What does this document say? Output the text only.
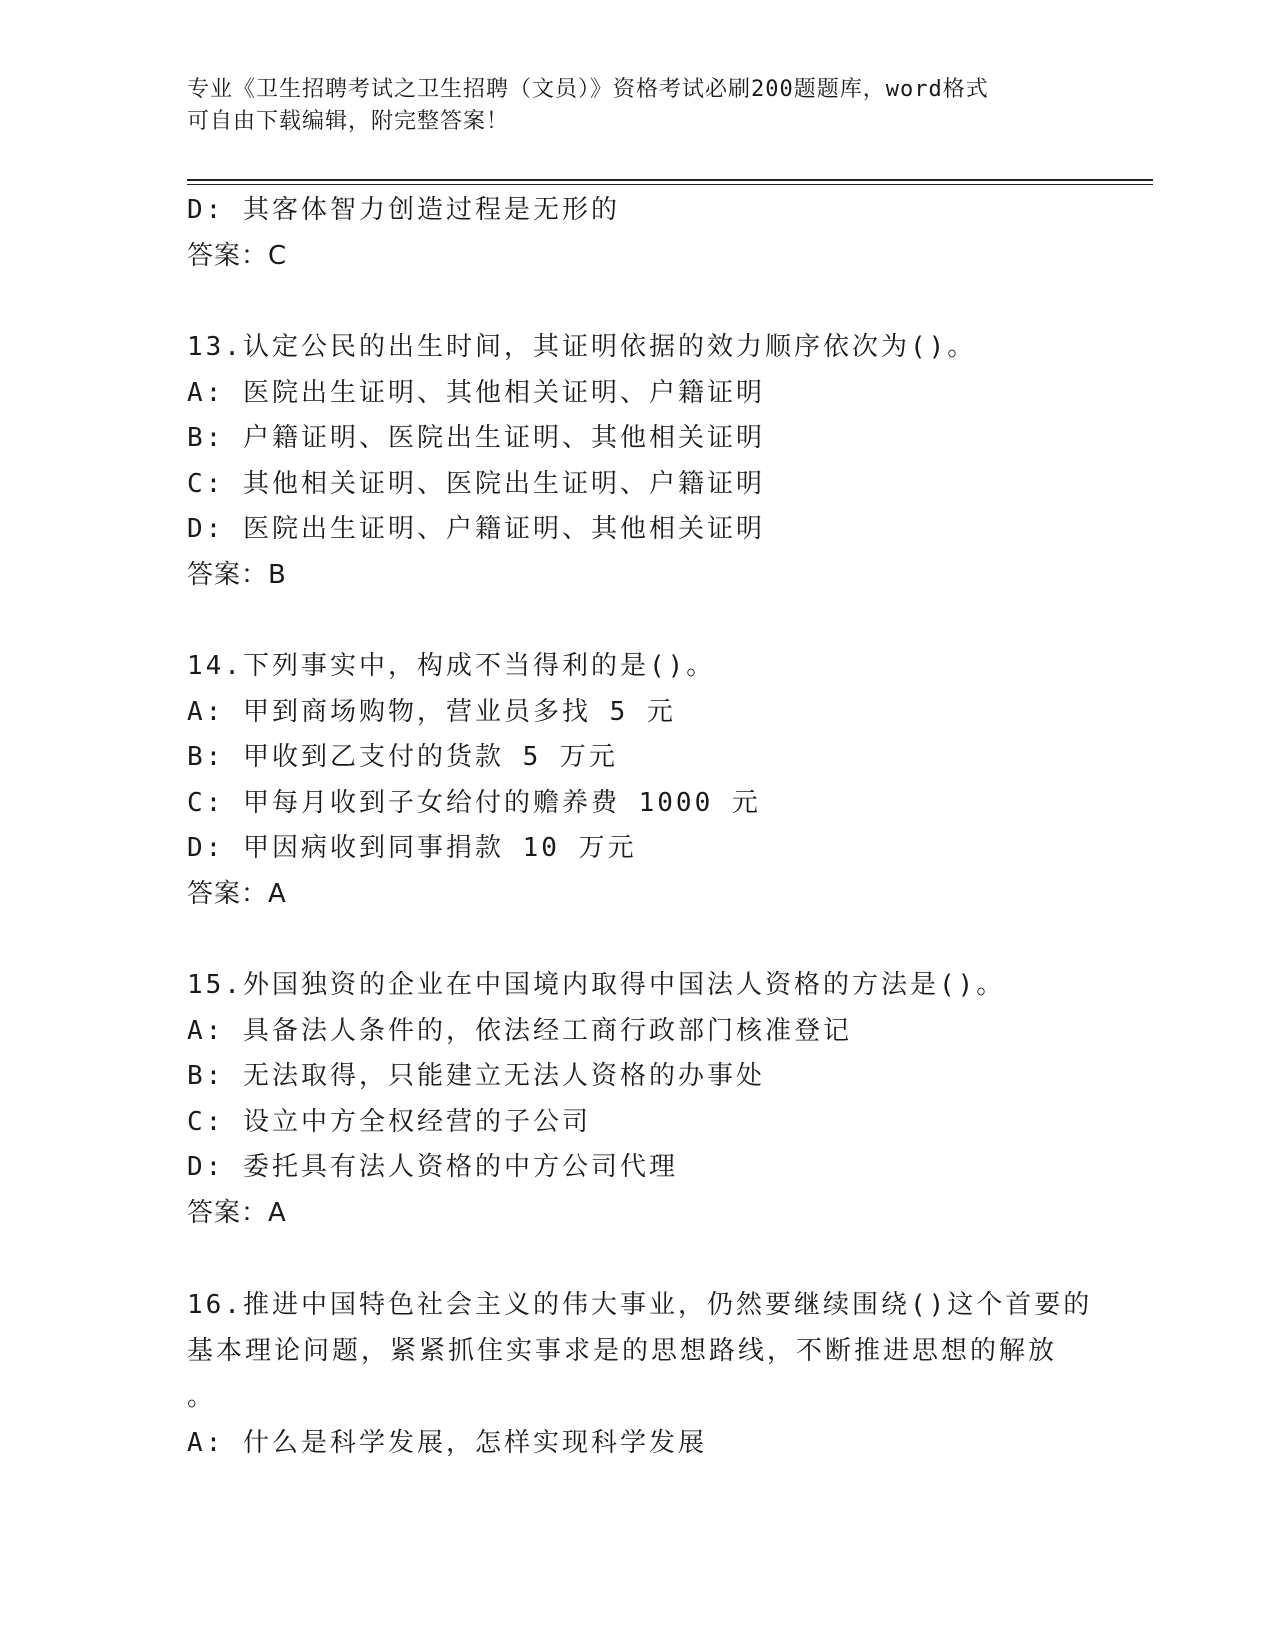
专业《卫生招聘考试之卫生招聘（文员）》资格考试必刷200题题库，word格式
可自由下载编辑，附完整答案！
D: 其客体智力创造过程是无形的
答案：C
13.认定公民的出生时间，其证明依据的效力顺序依次为()。
A: 医院出生证明、其他相关证明、户籍证明
B: 户籍证明、医院出生证明、其他相关证明
C: 其他相关证明、医院出生证明、户籍证明
D: 医院出生证明、户籍证明、其他相关证明
答案：B
14.下列事实中，构成不当得利的是()。
A: 甲到商场购物，营业员多找 5 元
B: 甲收到乙支付的货款 5 万元
C: 甲每月收到子女给付的赡养费 1000 元
D: 甲因病收到同事捐款 10 万元
答案：A
15.外国独资的企业在中国境内取得中国法人资格的方法是()。
A: 具备法人条件的，依法经工商行政部门核准登记
B: 无法取得，只能建立无法人资格的办事处
C: 设立中方全权经营的子公司
D: 委托具有法人资格的中方公司代理
答案：A
16.推进中国特色社会主义的伟大事业，仍然要继续围绕()这个首要的
基本理论问题，紧紧抓住实事求是的思想路线，不断推进思想的解放
。
A: 什么是科学发展，怎样实现科学发展
